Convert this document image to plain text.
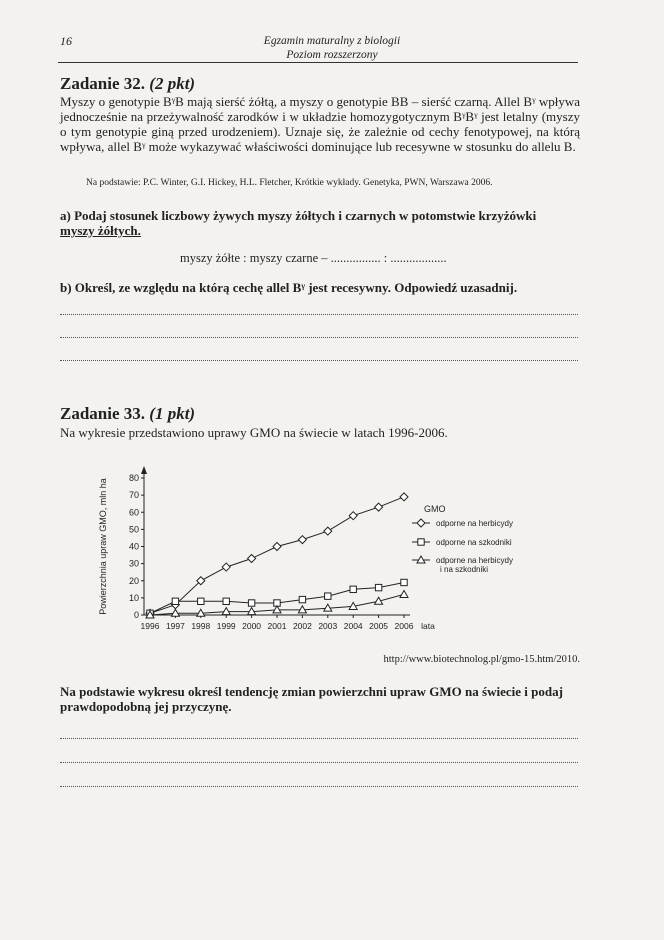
16	Egzamin maturalny z biologii
Poziom rozszerzony
Zadanie 32. (2 pkt)
Myszy o genotypie BᵞB mają sierść żółtą, a myszy o genotypie BB – sierść czarną. Allel Bᵞ wpływa jednocześnie na przeżywalność zarodków i w układzie homozygotycznym BᵞBᵞ jest letalny (myszy o tym genotypie giną przed urodzeniem). Uznaje się, że zależnie od cechy fenotypowej, na którą wpływa, allel Bᵞ może wykazywać właściwości dominujące lub recesywne w stosunku do allelu B.
Na podstawie: P.C. Winter, G.I. Hickey, H.L. Fletcher, Krótkie wykłady. Genetyka, PWN, Warszawa 2006.
a) Podaj stosunek liczbowy żywych myszy żółtych i czarnych w potomstwie krzyżówki
myszy żółtych.
myszy żółte : myszy czarne – ................ : ..................
b) Określ, ze względu na którą cechę allel Bᵞ jest recesywny. Odpowiedź uzasadnij.
Zadanie 33. (1 pkt)
Na wykresie przedstawiono uprawy GMO na świecie w latach 1996-2006.
0
10
20
30
40
50
60
70
80
Powierzchnia upraw GMO, mln ha
1996 1997 1998 1999 2000 2001 2002 2003 2004 2005 2006 lata
GMO
odporne na herbicydy
odporne na szkodniki
odporne na herbicydy
i na szkodniki
http://www.biotechnolog.pl/gmo-15.htm/2010.
Na podstawie wykresu określ tendencję zmian powierzchni upraw GMO na świecie i podaj prawdopodobną jej przyczynę.
